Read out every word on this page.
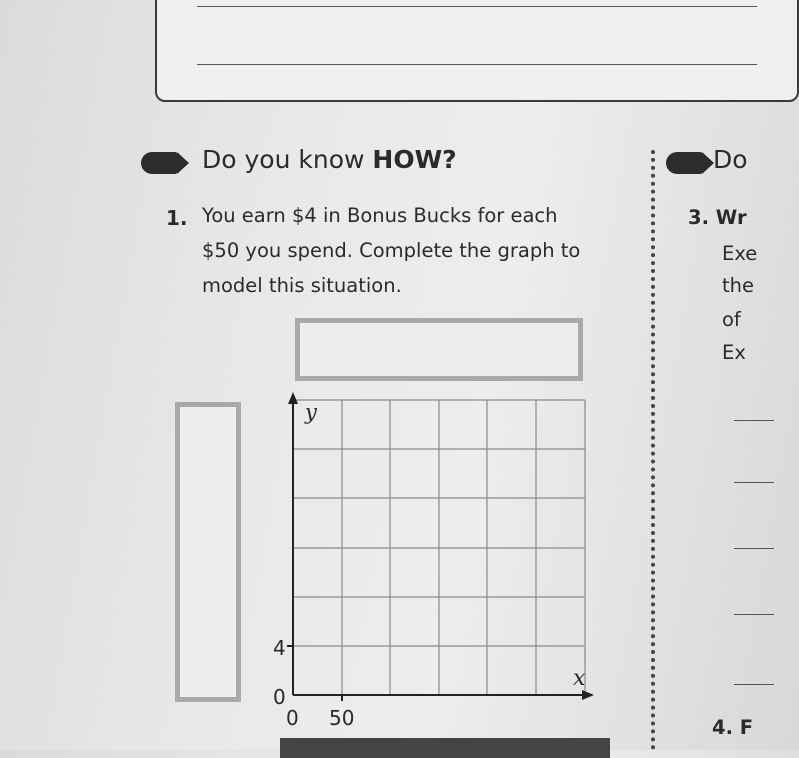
Do you know HOW?
1. You earn $4 in Bonus Bucks for each
$50 you spend. Complete the graph to
model this situation.
y
x
4
0
0 50
Do
3. Wr
Exe
the
of
Ex
4. F
